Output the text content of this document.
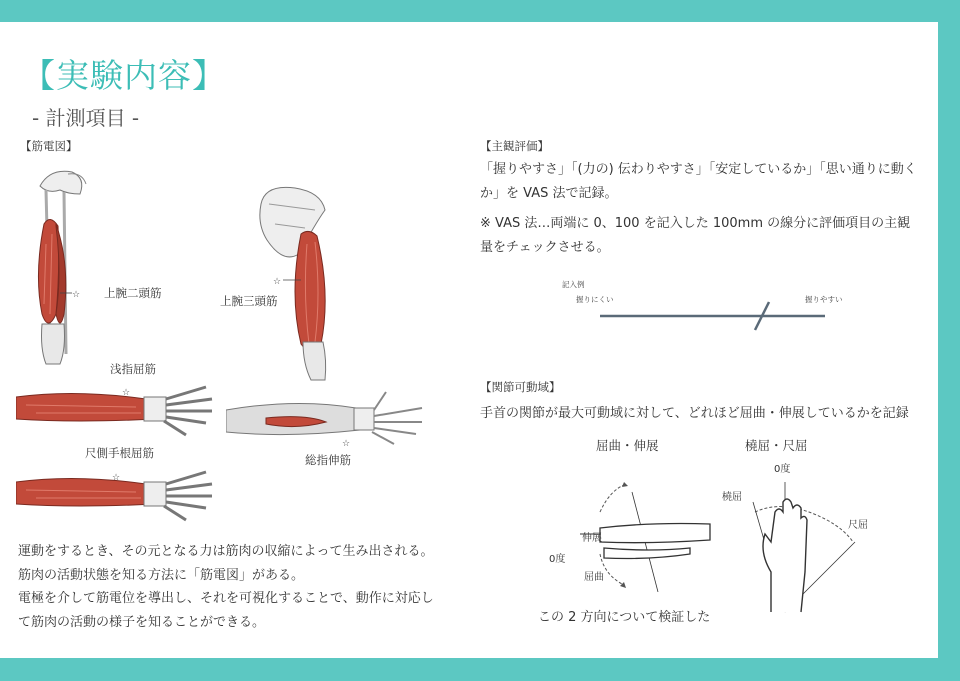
【実験内容】
- 計測項目 -
【筋電図】
☆ 上腕二頭筋
☆
上腕三頭筋
浅指屈筋
☆
☆
総指伸筋
尺側手根屈筋
☆
運動をするとき、その元となる力は筋肉の収縮によって生み出される。
筋肉の活動状態を知る方法に「筋電図」がある。
電極を介して筋電位を導出し、それを可視化することで、動作に対応し
て筋肉の活動の様子を知ることができる。
【主観評価】
「握りやすさ」「(力の) 伝わりやすさ」「安定しているか」「思い通りに動く
か」を VAS 法で記録。
※ VAS 法…両端に 0、100 を記入した 100mm の線分に評価項目の主観
量をチェックさせる。
記入例
握りにくい	握りやすい
【関節可動域】
手首の関節が最大可動域に対して、どれほど屈曲・伸展しているかを記録
屈曲・伸展
伸展
屈曲
0度
橈屈・尺屈
0度
橈屈
尺屈
この 2 方向について検証した
